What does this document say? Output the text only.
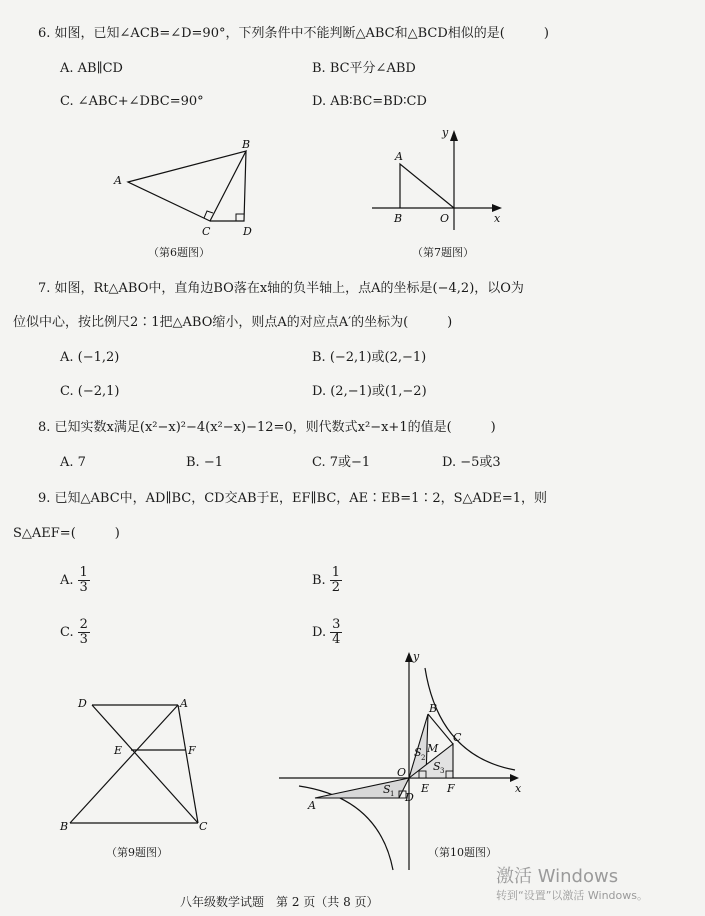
6. 如图，已知∠ACB=∠D=90°，下列条件中不能判断△ABC和△BCD相似的是(　　　)
A. AB∥CD	B. BC平分∠ABD
C. ∠ABC+∠DBC=90°	D. AB∶BC=BD∶CD
A
B
C	D
（第6题图）
A
B	O	x
y
（第7题图）
7. 如图，Rt△ABO中，直角边BO落在x轴的负半轴上，点A的坐标是(−4,2)，以O为
位似中心，按比例尺2∶1把△ABO缩小，则点A的对应点A′的坐标为(　　　)
A. (−1,2)	B. (−2,1)或(2,−1)
C. (−2,1)	D. (2,−1)或(1,−2)
8. 已知实数x满足(x²−x)²−4(x²−x)−12=0，则代数式x²−x+1的值是(　　　)
A. 7	B. −1	C. 7或−1	D. −5或3
9. 已知△ABC中，AD∥BC，CD交AB于E，EF∥BC，AE∶EB=1∶2，S△ADE=1，则
S△AEF=(　　　)
A. $\frac{1}{3}$	B. $\frac{1}{2}$
C. $\frac{2}{3}$	D. $\frac{3}{4}$
D	A
E	F
B	C
（第9题图）
y
x
O
B
C
M
E F
D
A
S 1
S 2
S 3
（第10题图）
八年级数学试题　第 2 页（共 8 页）
激活 Windows
转到“设置”以激活 Windows。
